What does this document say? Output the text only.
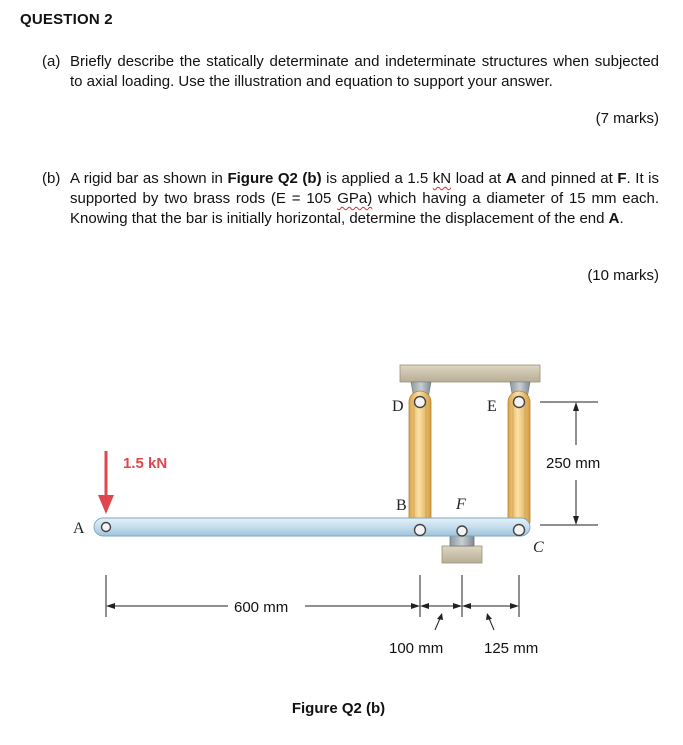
QUESTION 2
(a) Briefly describe the statically determinate and indeterminate structures when subjected to axial loading. Use the illustration and equation to support your answer.
(7 marks)
(b) A rigid bar as shown in Figure Q2 (b) is applied a 1.5 kN load at A and pinned at F. It is supported by two brass rods (E = 105 GPa) which having a diameter of 15 mm each. Knowing that the bar is initially horizontal, determine the displacement of the end A.
(10 marks)
1.5 kN
A
D	E
B	F
C
250 mm
600 mm
100 mm	125 mm
Figure Q2 (b)
